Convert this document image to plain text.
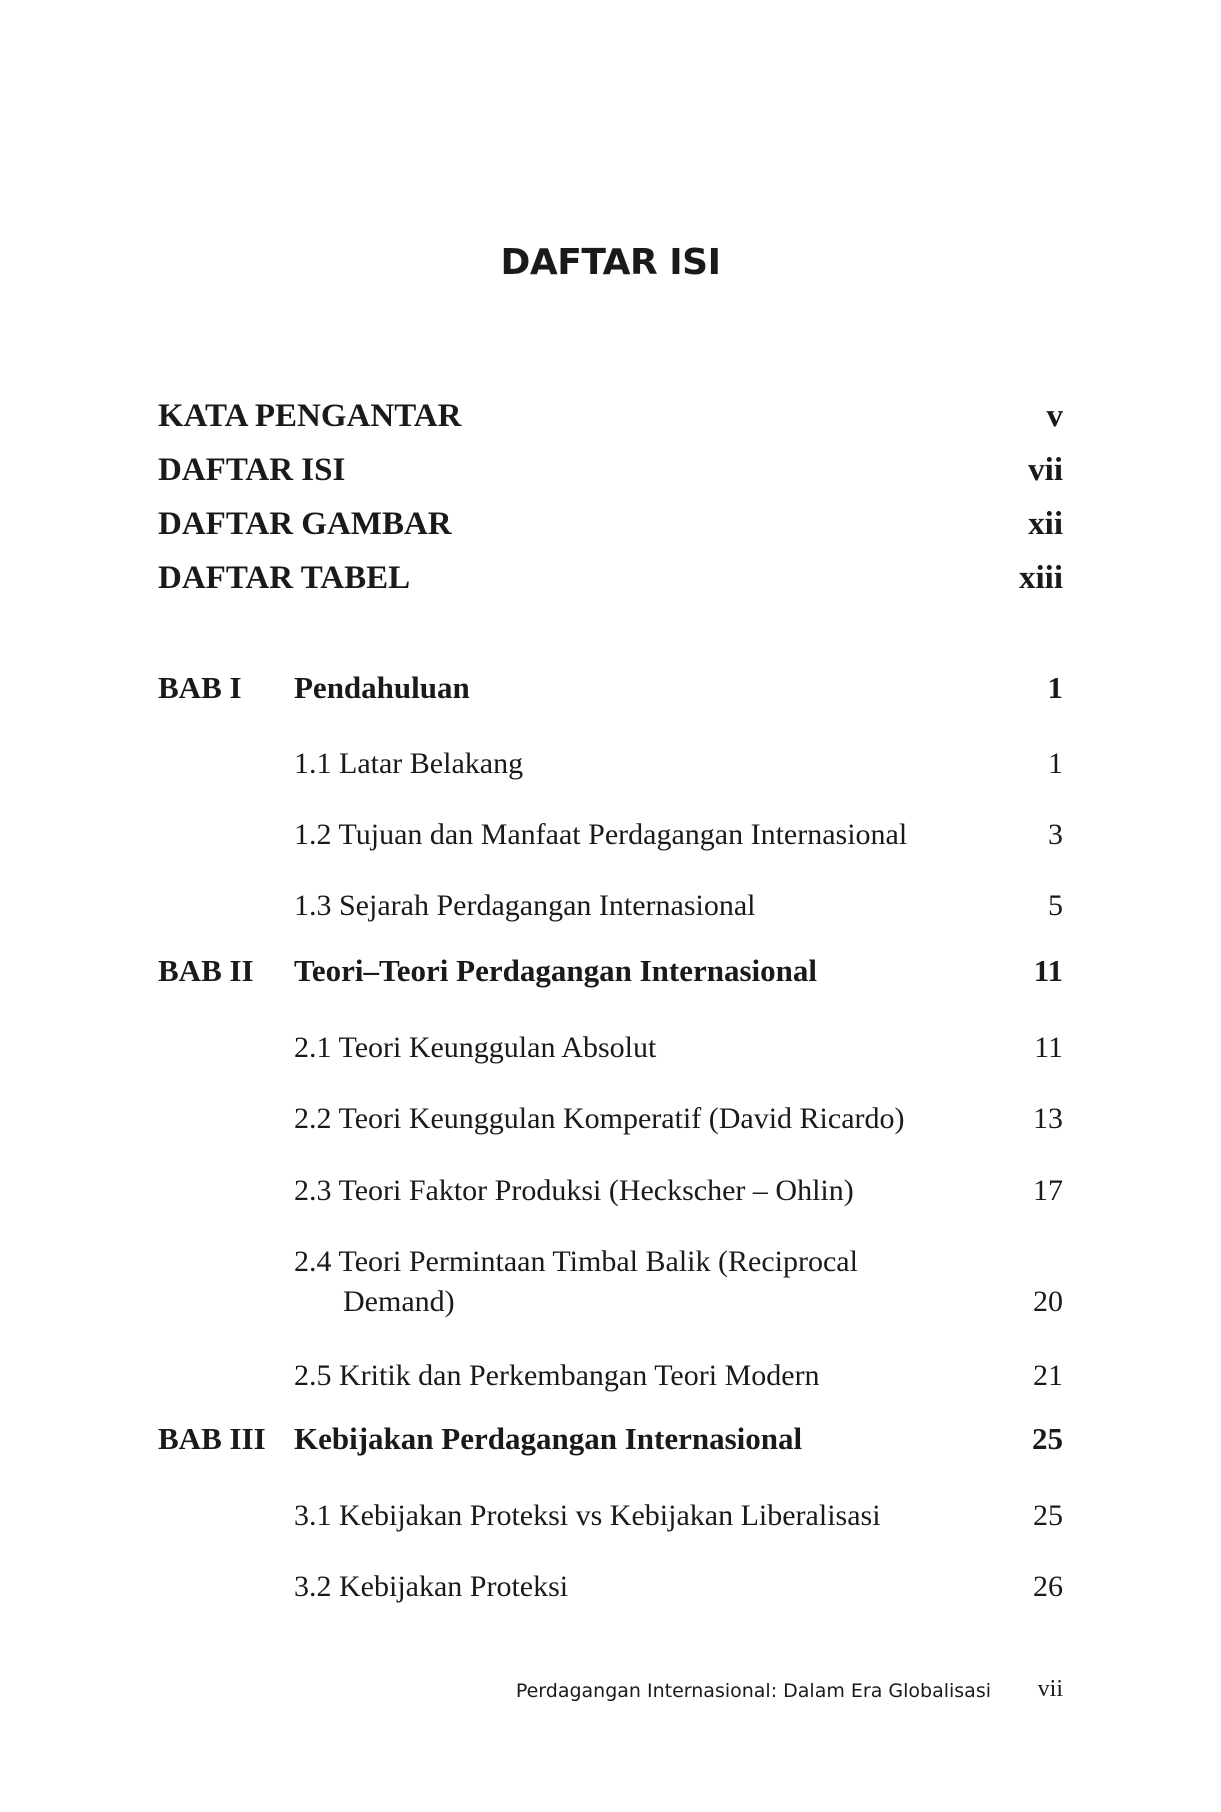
DAFTAR ISI
KATA PENGANTAR	v
DAFTAR ISI	vii
DAFTAR GAMBAR	xii
DAFTAR TABEL	xiii
BAB I Pendahuluan	1
1.1 Latar Belakang	1
1.2 Tujuan dan Manfaat Perdagangan Internasional	3
1.3 Sejarah Perdagangan Internasional	5
BAB II Teori–Teori Perdagangan Internasional	11
2.1 Teori Keunggulan Absolut	11
2.2 Teori Keunggulan Komperatif (David Ricardo)	13
2.3 Teori Faktor Produksi (Heckscher – Ohlin)	17
2.4 Teori Permintaan Timbal Balik (Reciprocal
Demand)	20
2.5 Kritik dan Perkembangan Teori Modern	21
BAB III Kebijakan Perdagangan Internasional	25
3.1 Kebijakan Proteksi vs Kebijakan Liberalisasi	25
3.2 Kebijakan Proteksi	26
Perdagangan Internasional: Dalam Era Globalisasi vii
